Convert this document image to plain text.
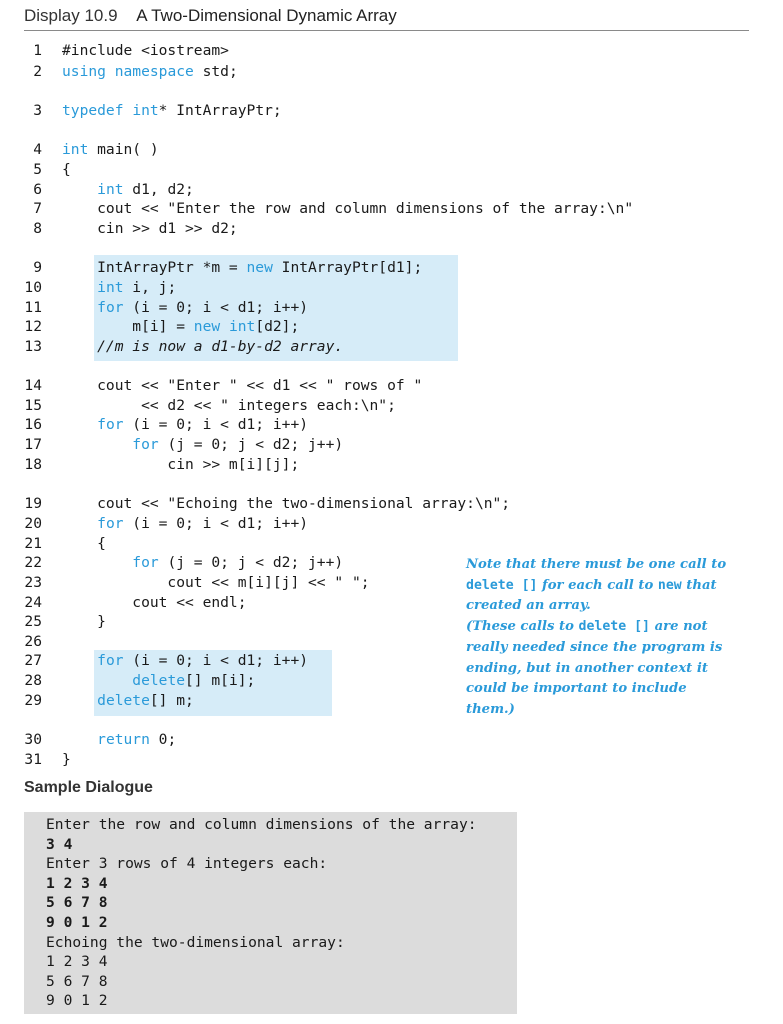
Display 10.9 A Two-Dimensional Dynamic Array
1 #include <iostream>
2 using namespace std;
3 typedef int* IntArrayPtr;
4 int main( )
5 {
6	int d1, d2;
7 cout << "Enter the row and column dimensions of the array:\n"
8 cin >> d1 >> d2;
9 IntArrayPtr *m = new IntArrayPtr[d1];
10	int i, j;
11	for (i = 0; i < d1; i++)
12 m[i] = new int[d2];
13 //m is now a d1-by-d2 array.
14 cout << "Enter " << d1 << " rows of "
15 << d2 << " integers each:\n";
16	for (i = 0; i < d1; i++)
17	for (j = 0; j < d2; j++)
18 cin >> m[i][j];
19 cout << "Echoing the two-dimensional array:\n";
20	for (i = 0; i < d1; i++)
21 {
22	for (j = 0; j < d2; j++)
23 cout << m[i][j] << " ";
24 cout << endl;
25 }
26
27	for (i = 0; i < d1; i++)
28	delete[] m[i];
29	delete[] m;
30	return 0;
31 }
Note that there must be one call to
delete [] for each call to new that created an array.
(These calls to delete [] are not really needed since the program is ending, but in another context it could be important to include them.)
Sample Dialogue
Enter the row and column dimensions of the array:
3 4
Enter 3 rows of 4 integers each:
1 2 3 4
5 6 7 8
9 0 1 2
Echoing the two-dimensional array:
1 2 3 4
5 6 7 8
9 0 1 2
